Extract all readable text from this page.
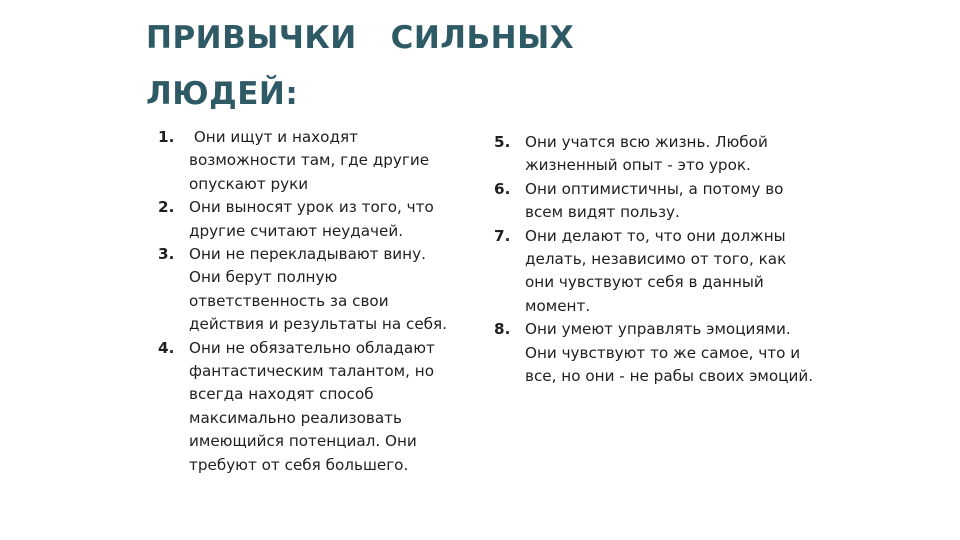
ПРИВЫЧКИ   СИЛЬНЫХ
ЛЮДЕЙ:
1. Они ищут и находят возможности там, где другие опускают руки
2. Они выносят урок из того, что другие считают неудачей.
3. Они не перекладывают вину. Они берут полную ответственность за свои действия и результаты на себя.
4. Они не обязательно обладают фантастическим талантом, но всегда находят способ максимально реализовать имеющийся потенциал. Они требуют от себя большего.
5. Они учатся всю жизнь. Любой жизненный опыт - это урок.
6. Они оптимистичны, а потому во всем видят пользу.
7. Они делают то, что они должны делать, независимо от того, как они чувствуют себя в данный момент.
8. Они умеют управлять эмоциями. Они чувствуют то же самое, что и все, но они - не рабы своих эмоций.
